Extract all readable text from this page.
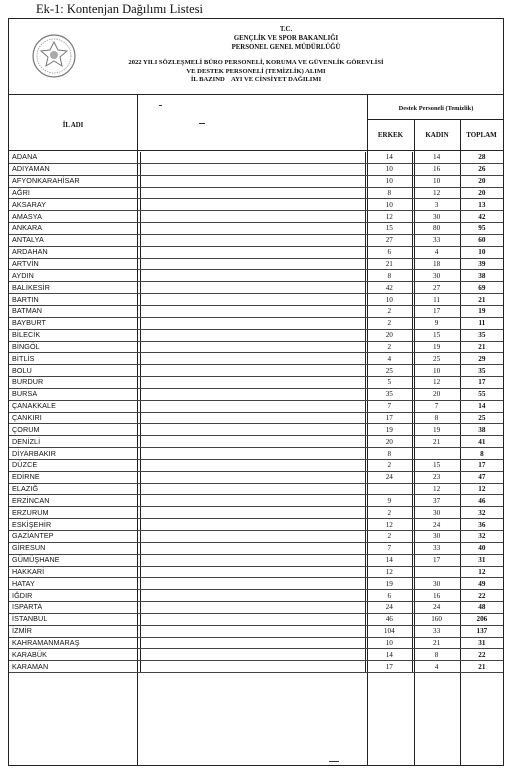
Ek-1: Kontenjan Dağılımı Listesi
T.C.
GENÇLİK VE SPOR BAKANLIĞI
PERSONEL GENEL MÜDÜRLÜĞÜ
2022 YILI SÖZLEŞMELİ BÜRO PERSONELİ, KORUMA VE GÜVENLİK GÖREVLİSİ
VE DESTEK PERSONELİ (TEMİZLİK) ALIMI
İL BAZIND    AYI VE CİNSİYET DAĞILIMI
İL ADI
Destek Personeli (Temizlik)
ERKEK	KADIN	TOPLAM
ADANA		14	14	28
ADIYAMAN		10	16	26
AFYONKARAHİSAR		10	10	20
AĞRI		8	12	20
AKSARAY		10	3	13
AMASYA		12	30	42
ANKARA		15	80	95
ANTALYA		27	33	60
ARDAHAN		6	4	10
ARTVİN		21	18	39
AYDIN		8	30	38
BALIKESİR		42	27	69
BARTIN		10	11	21
BATMAN		2	17	19
BAYBURT		2	9	11
BİLECİK		20	15	35
BİNGÖL		2	19	21
BİTLİS		4	25	29
BOLU		25	10	35
BURDUR		5	12	17
BURSA		35	20	55
ÇANAKKALE		7	7	14
ÇANKIRI		17	8	25
ÇORUM		19	19	38
DENİZLİ		20	21	41
DİYARBAKIR		8		8
DÜZCE		2	15	17
EDİRNE		24	23	47
ELAZIĞ			12	12
ERZİNCAN		9	37	46
ERZURUM		2	30	32
ESKİŞEHİR		12	24	36
GAZİANTEP		2	30	32
GİRESUN		7	33	40
GÜMÜŞHANE		14	17	31
HAKKARİ		12		12
HATAY		19	30	49
IĞDIR		6	16	22
ISPARTA		24	24	48
İSTANBUL		46	160	206
İZMİR		104	33	137
KAHRAMANMARAŞ		10	21	31
KARABÜK		14	8	22
KARAMAN		17	4	21
